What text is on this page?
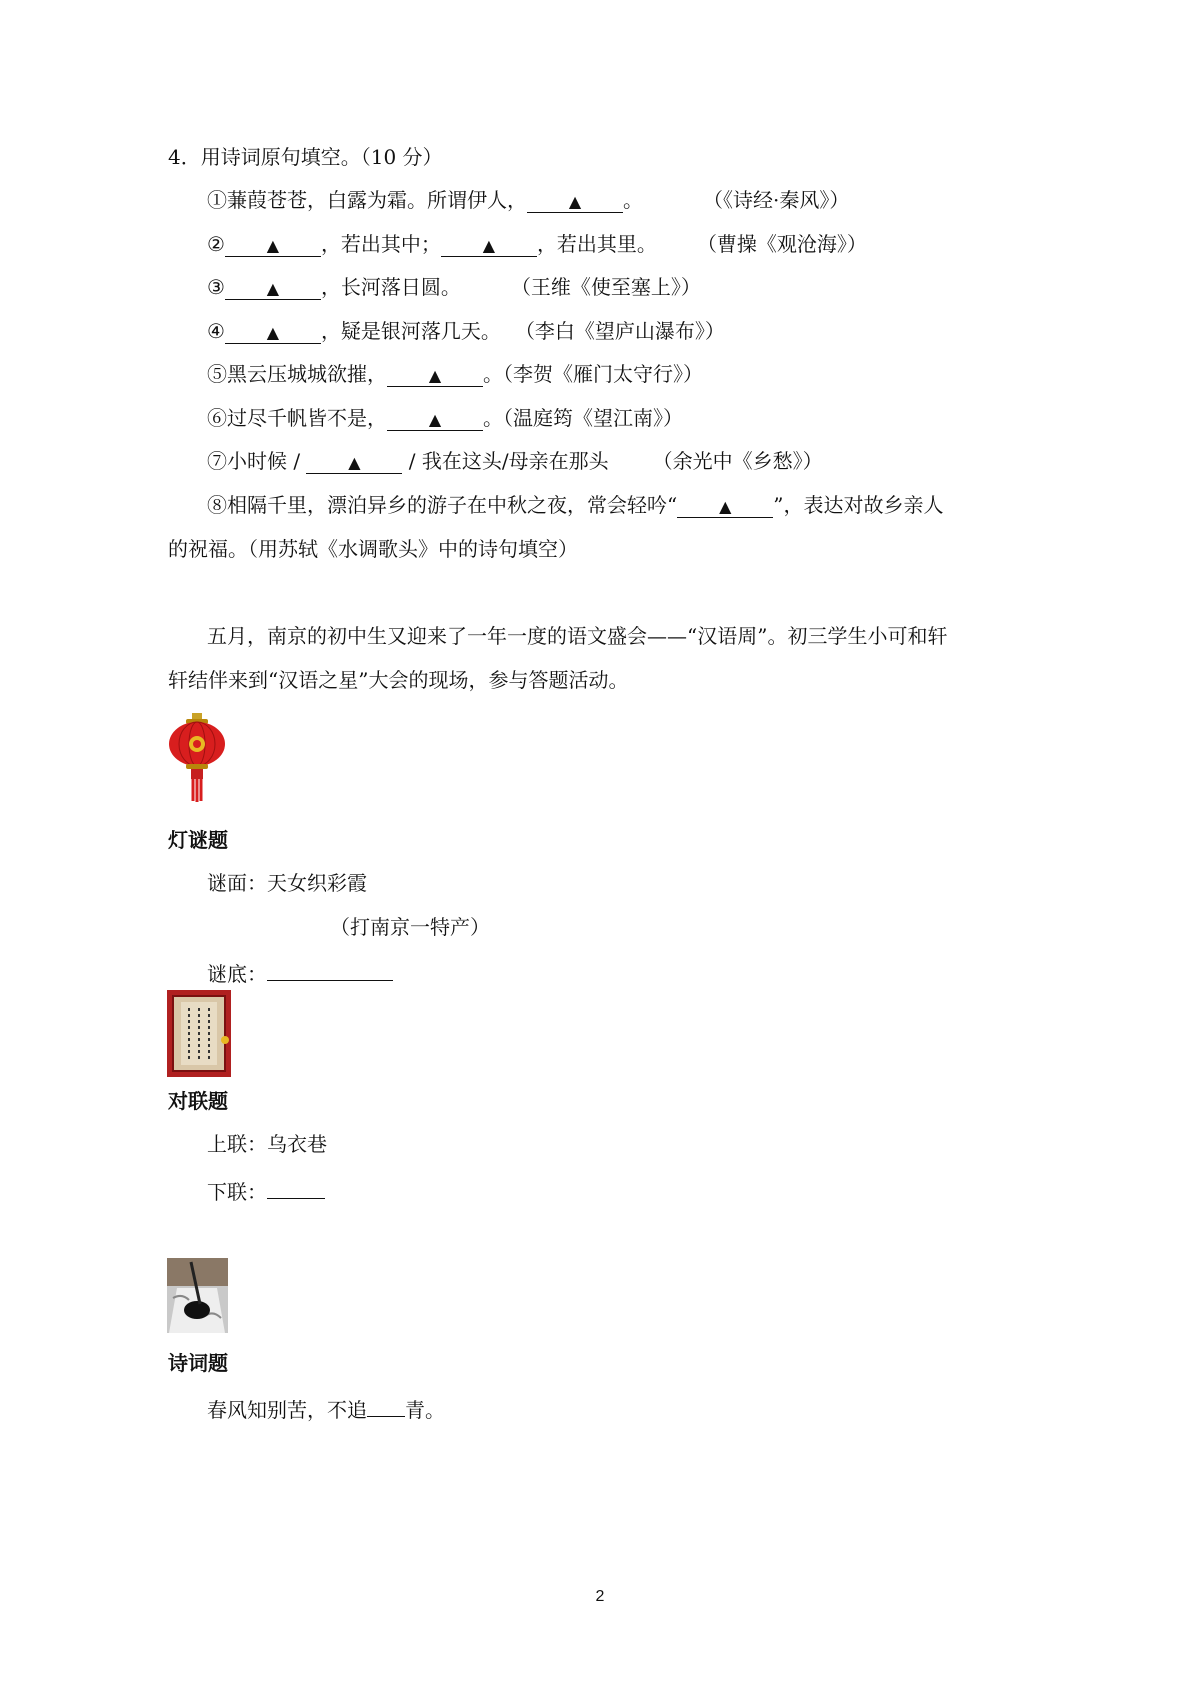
4．用诗词原句填空。（10 分）
①蒹葭苍苍，白露为霜。所谓伊人，	▲ 。	（《诗经·秦风》）
②	▲ ，若出其中；	▲ ，若出其里。 （曹操《观沧海》）
③	▲ ，长河落日圆。	（王维《使至塞上》）
④	▲ ，疑是银河落几天。 （李白《望庐山瀑布》）
⑤黑云压城城欲摧，	▲ 。（李贺《雁门太守行》）
⑥过尽千帆皆不是，	▲ 。（温庭筠《望江南》）
⑦小时候 /	▲ / 我在这头/母亲在那头 （余光中《乡愁》）
⑧相隔千里，漂泊异乡的游子在中秋之夜，常会轻吟“	▲ ”，表达对故乡亲人
的祝福。（用苏轼《水调歌头》中的诗句填空）
五月，南京的初中生又迎来了一年一度的语文盛会——“汉语周”。初三学生小可和轩
轩结伴来到“汉语之星”大会的现场，参与答题活动。
灯谜题
谜面：天女织彩霞
（打南京一特产）
谜底：
对联题
上联：乌衣巷
下联：
诗词题
春风知别苦，不追 青。
2
